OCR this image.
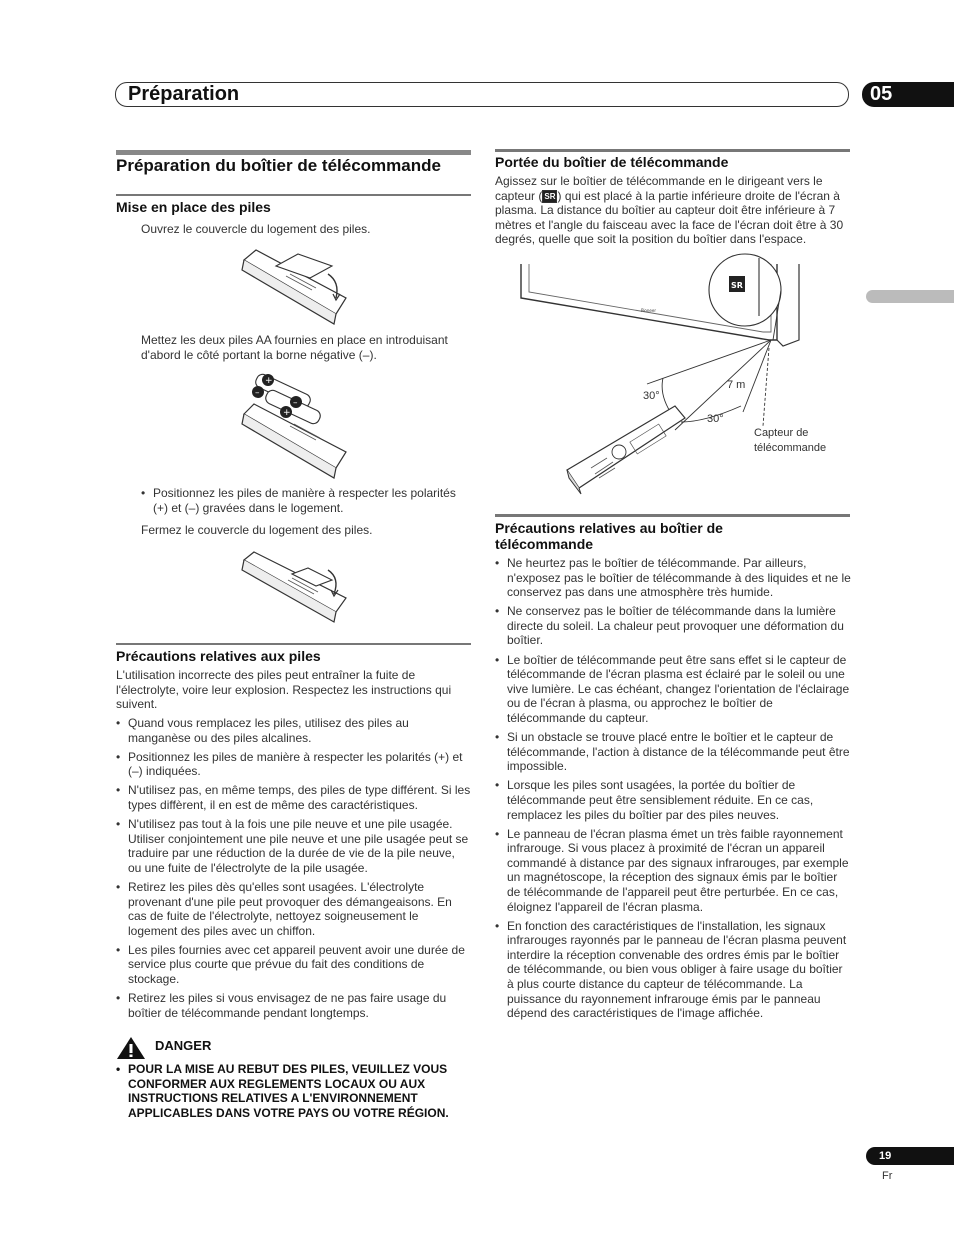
Préparation	05
Préparation du boîtier de télécommande
Mise en place des piles
Ouvrez le couvercle du logement des piles.
Mettez les deux piles AA fournies en place en introduisant d'abord le côté portant la borne négative (–).
+
–
–
+
• Positionnez les piles de manière à respecter les polarités (+) et (–) gravées dans le logement.
Fermez le couvercle du logement des piles.
Précautions relatives aux piles
L'utilisation incorrecte des piles peut entraîner la fuite de l'électrolyte, voire leur explosion. Respectez les instructions qui suivent.
• Quand vous remplacez les piles, utilisez des piles au manganèse ou des piles alcalines.
• Positionnez les piles de manière à respecter les polarités (+) et (–) indiquées.
• N'utilisez pas, en même temps, des piles de type différent. Si les types diffèrent, il en est de même des caractéristiques.
• N'utilisez pas tout à la fois une pile neuve et une pile usagée. Utiliser conjointement une pile neuve et une pile usagée peut se traduire par une réduction de la durée de vie de la pile neuve, ou une fuite de l'électrolyte de la pile usagée.
• Retirez les piles dès qu'elles sont usagées. L'électrolyte provenant d'une pile peut provoquer des démangeaisons. En cas de fuite de l'électrolyte, nettoyez soigneusement le logement des piles avec un chiffon.
• Les piles fournies avec cet appareil peuvent avoir une durée de service plus courte que prévue du fait des conditions de stockage.
• Retirez les piles si vous envisagez de ne pas faire usage du boîtier de télécommande pendant longtemps.
DANGER
• POUR LA MISE AU REBUT DES PILES, VEUILLEZ VOUS CONFORMER AUX REGLEMENTS LOCAUX OU AUX INSTRUCTIONS RELATIVES A L'ENVIRONNEMENT APPLICABLES DANS VOTRE PAYS OU VOTRE RÉGION.
Portée du boîtier de télécommande
Agissez sur le boîtier de télécommande en le dirigeant vers le capteur ( SR ) qui est placé à la partie inférieure droite de l'écran à plasma. La distance du boîtier au capteur doit être inférieure à 7 mètres et l'angle du faisceau avec la face de l'écran doit être à 30 degrés, quelle que soit la position du boîtier dans l'espace.
Pioneer
SR
30°
30°
7 m
Capteur de
télécommande
Précautions relatives au boîtier de
télécommande
• Ne heurtez pas le boîtier de télécommande. Par ailleurs, n'exposez pas le boîtier de télécommande à des liquides et ne le conservez pas dans une atmosphère très humide.
• Ne conservez pas le boîtier de télécommande dans la lumière directe du soleil. La chaleur peut provoquer une déformation du boîtier.
• Le boîtier de télécommande peut être sans effet si le capteur de télécommande de l'écran plasma est éclairé par le soleil ou une vive lumière. Le cas échéant, changez l'orientation de l'éclairage ou de l'écran à plasma, ou approchez le boîtier de télécommande du capteur.
• Si un obstacle se trouve placé entre le boîtier et le capteur de télécommande, l'action à distance de la télécommande peut être impossible.
• Lorsque les piles sont usagées, la portée du boîtier de télécommande peut être sensiblement réduite. En ce cas, remplacez les piles du boîtier par des piles neuves.
• Le panneau de l'écran plasma émet un très faible rayonnement infrarouge. Si vous placez à proximité de l'écran un appareil commandé à distance par des signaux infrarouges, par exemple un magnétoscope, la réception des signaux émis par le boîtier de télécommande de l'appareil peut être perturbée. En ce cas, éloignez l'appareil de l'écran plasma.
• En fonction des caractéristiques de l'installation, les signaux infrarouges rayonnés par le panneau de l'écran plasma peuvent interdire la réception convenable des ordres émis par le boîtier de télécommande, ou bien vous obliger à faire usage du boîtier à plus courte distance du capteur de télécommande. La puissance du rayonnement infrarouge émis par le panneau dépend des caractéristiques de l'image affichée.
19
Fr
